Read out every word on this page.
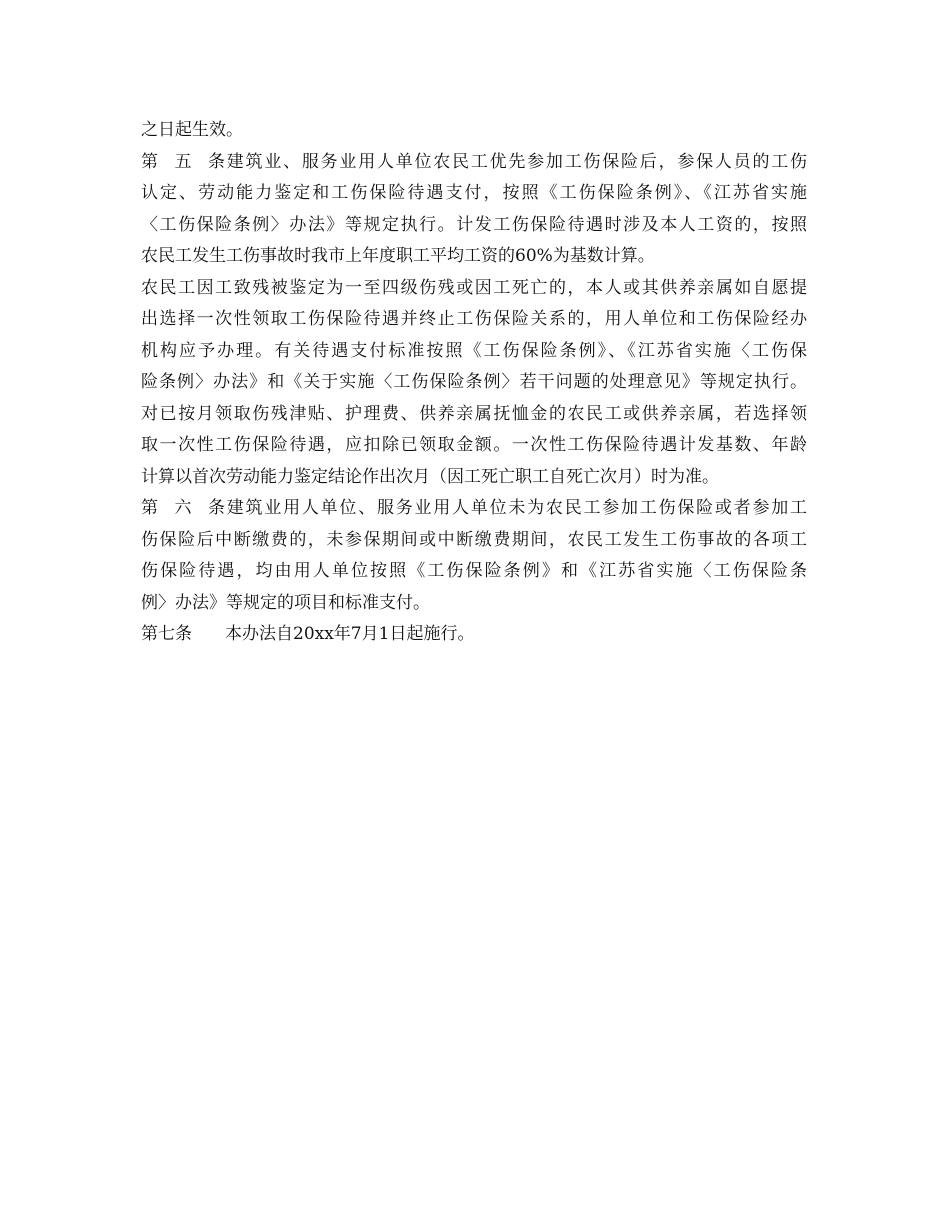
之日起生效。
第五条建筑业、服务业用人单位农民工优先参加工伤保险后，参保人员的工伤
认定、劳动能力鉴定和工伤保险待遇支付，按照《工伤保险条例》、《江苏省实施
〈工伤保险条例〉办法》等规定执行。计发工伤保险待遇时涉及本人工资的，按照
农民工发生工伤事故时我市上年度职工平均工资的60%为基数计算。
农民工因工致残被鉴定为一至四级伤残或因工死亡的，本人或其供养亲属如自愿提
出选择一次性领取工伤保险待遇并终止工伤保险关系的，用人单位和工伤保险经办
机构应予办理。有关待遇支付标准按照《工伤保险条例》、《江苏省实施〈工伤保
险条例〉办法》和《关于实施〈工伤保险条例〉若干问题的处理意见》等规定执行。
对已按月领取伤残津贴、护理费、供养亲属抚恤金的农民工或供养亲属，若选择领
取一次性工伤保险待遇，应扣除已领取金额。一次性工伤保险待遇计发基数、年龄
计算以首次劳动能力鉴定结论作出次月（因工死亡职工自死亡次月）时为准。
第六条建筑业用人单位、服务业用人单位未为农民工参加工伤保险或者参加工
伤保险后中断缴费的，未参保期间或中断缴费期间，农民工发生工伤事故的各项工
伤保险待遇，均由用人单位按照《工伤保险条例》和《江苏省实施〈工伤保险条
例〉办法》等规定的项目和标准支付。
第七条 本办法自20xx年7月1日起施行。
